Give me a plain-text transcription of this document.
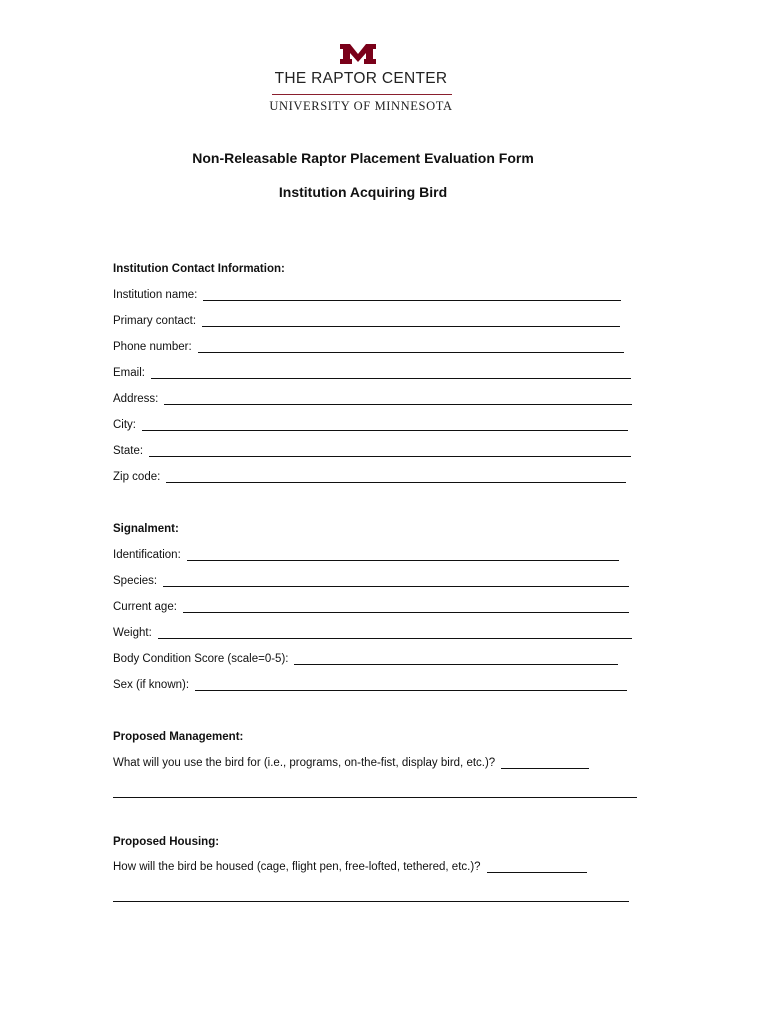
THE RAPTOR CENTER
UNIVERSITY OF MINNESOTA
Non-Releasable Raptor Placement Evaluation Form
Institution Acquiring Bird
Institution Contact Information:
Institution name:
Primary contact:
Phone number:
Email:
Address:
City:
State:
Zip code:
Signalment:
Identification:
Species:
Current age:
Weight:
Body Condition Score (scale=0-5):
Sex (if known):
Proposed Management:
What will you use the bird for (i.e., programs, on-the-fist, display bird, etc.)?
Proposed Housing:
How will the bird be housed (cage, flight pen, free-lofted, tethered, etc.)?
